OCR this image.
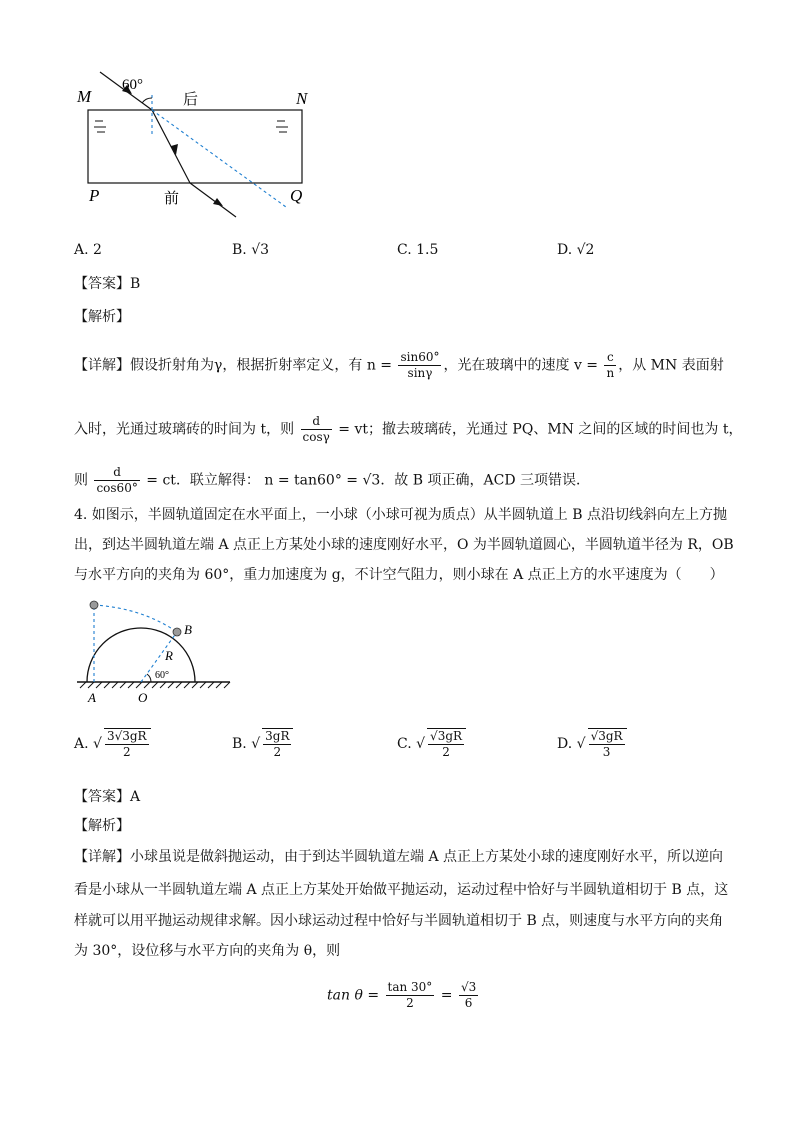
60°
M	后	N
P	前	Q
A. 2	B. √3	C. 1.5	D. √2
【答案】B
【解析】
【详解】假设折射角为γ，根据折射率定义，有 $n = \frac{\sin 60^\circ}{\sin\gamma}$ ，光在玻璃中的速度 $v = \frac{c}{n}$ ，从 MN 表面射
入时，光通过玻璃砖的时间为 t，则 $\frac{d}{\cos\gamma}$ = vt；撤去玻璃砖，光通过 PQ、MN 之间的区域的时间也为 t，
则 $\frac{d}{\cos 60^\circ}$ = ct．联立解得： n = tan60° = √3．故 B 项正确，ACD 三项错误．
4. 如图示，半圆轨道固定在水平面上，一小球（小球可视为质点）从半圆轨道上 B 点沿切线斜向左上方抛
出，到达半圆轨道左端 A 点正上方某处小球的速度刚好水平，O 为半圆轨道圆心，半圆轨道半径为 R，OB
与水平方向的夹角为 60°，重力加速度为 g，不计空气阻力，则小球在 A 点正上方的水平速度为（　　）
B
R
60°
A	O
A. √ $\frac{3√3gR}{2}$	B. √ $\frac{3gR}{2}$	C. √ $\frac{√3gR}{2}$	D. √ $\frac{√3gR}{3}$
【答案】A
【解析】
【详解】小球虽说是做斜抛运动，由于到达半圆轨道左端 A 点正上方某处小球的速度刚好水平，所以逆向
看是小球从一半圆轨道左端 A 点正上方某处开始做平抛运动，运动过程中恰好与半圆轨道相切于 B 点，这
样就可以用平抛运动规律求解。因小球运动过程中恰好与半圆轨道相切于 B 点，则速度与水平方向的夹角
为 30°，设位移与水平方向的夹角为 θ，则
$\tan \theta = \frac{\tan 30^\circ}{2} = \frac{√3}{6}$
